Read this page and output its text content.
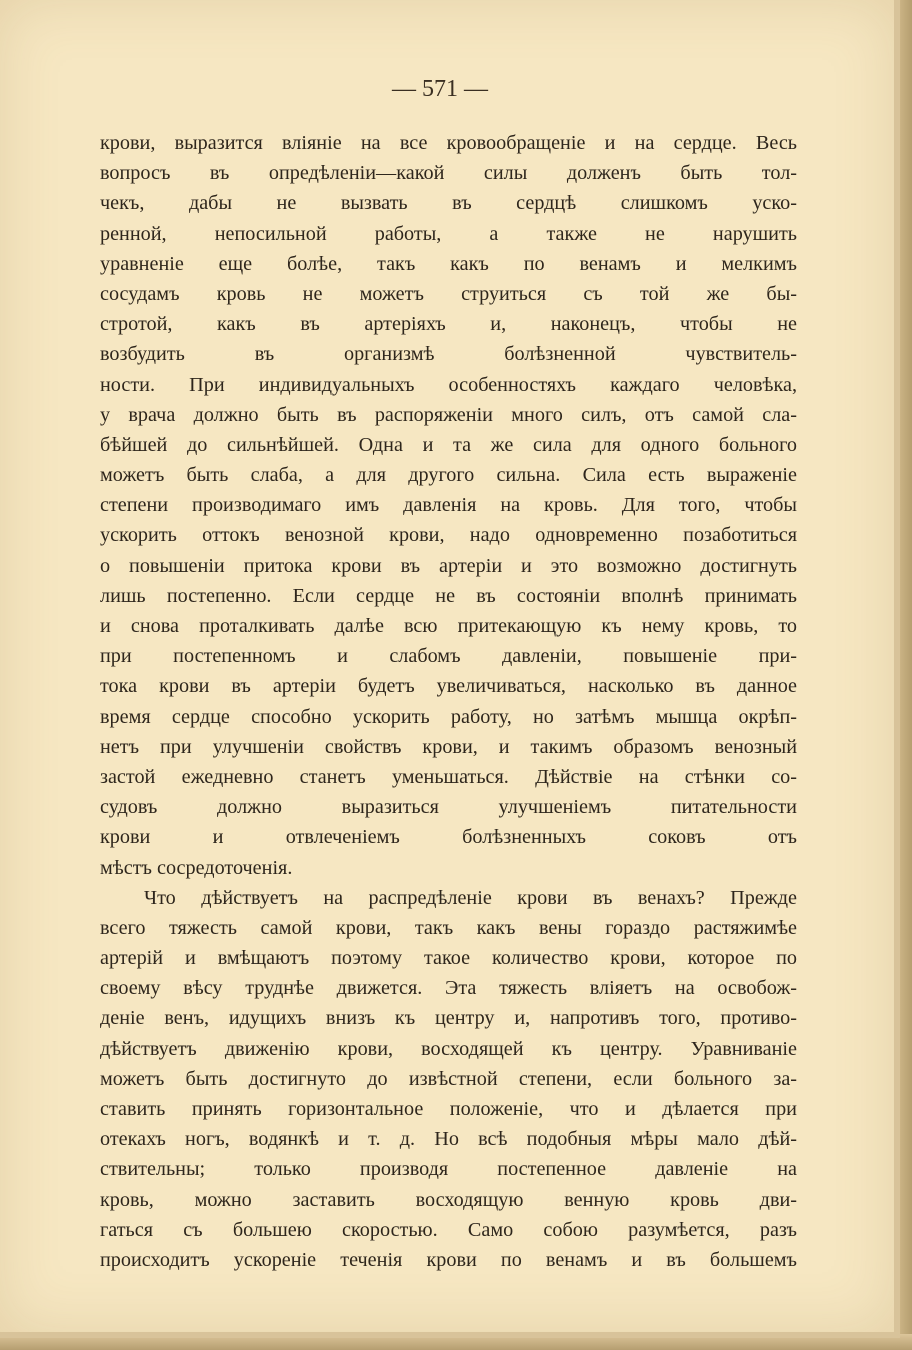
— 571 —
крови, выразится вліяніе на все кровообращеніе и на сердце. Весь
вопросъ въ опредѣленіи—какой силы долженъ быть тол-
чекъ, дабы не вызвать въ сердцѣ слишкомъ уско-
ренной, непосильной работы, а также не нарушить
уравненіе еще болѣе, такъ какъ по венамъ и мелкимъ
сосудамъ кровь не можетъ струиться съ той же бы-
стротой, какъ въ артеріяхъ и, наконецъ, чтобы не
возбудить въ организмѣ болѣзненной чувствитель-
ности. При индивидуальныхъ особенностяхъ каждаго человѣка,
у врача должно быть въ распоряженіи много силъ, отъ самой сла-
бѣйшей до сильнѣйшей. Одна и та же сила для одного больного
можетъ быть слаба, а для другого сильна. Сила есть выраженіе
степени производимаго имъ давленія на кровь. Для того, чтобы
ускорить оттокъ венозной крови, надо одновременно позаботиться
о повышеніи притока крови въ артеріи и это возможно достигнуть
лишь постепенно. Если сердце не въ состояніи вполнѣ принимать
и снова проталкивать далѣе всю притекающую къ нему кровь, то
при постепенномъ и слабомъ давленіи, повышеніе при-
тока крови въ артеріи будетъ увеличиваться, насколько въ данное
время сердце способно ускорить работу, но затѣмъ мышца окрѣп-
нетъ при улучшеніи свойствъ крови, и такимъ образомъ венозный
застой ежедневно станетъ уменьшаться. Дѣйствіе на стѣнки со-
судовъ должно выразиться улучшеніемъ питательности
крови и отвлеченіемъ болѣзненныхъ соковъ отъ
мѣстъ сосредоточенія.
Что дѣйствуетъ на распредѣленіе крови въ венахъ? Прежде
всего тяжесть самой крови, такъ какъ вены гораздо растяжимѣе
артерій и вмѣщаютъ поэтому такое количество крови, которое по
своему вѣсу труднѣе движется. Эта тяжесть вліяетъ на освобож-
деніе венъ, идущихъ внизъ къ центру и, напротивъ того, противо-
дѣйствуетъ движенію крови, восходящей къ центру. Уравниваніе
можетъ быть достигнуто до извѣстной степени, если больного за-
ставить принять горизонтальное положеніе, что и дѣлается при
отекахъ ногъ, водянкѣ и т. д. Но всѣ подобныя мѣры мало дѣй-
ствительны; только производя постепенное давленіе на
кровь, можно заставить восходящую венную кровь дви-
гаться съ большею скоростью. Само собою разумѣется, разъ
происходитъ ускореніе теченія крови по венамъ и въ большемъ
